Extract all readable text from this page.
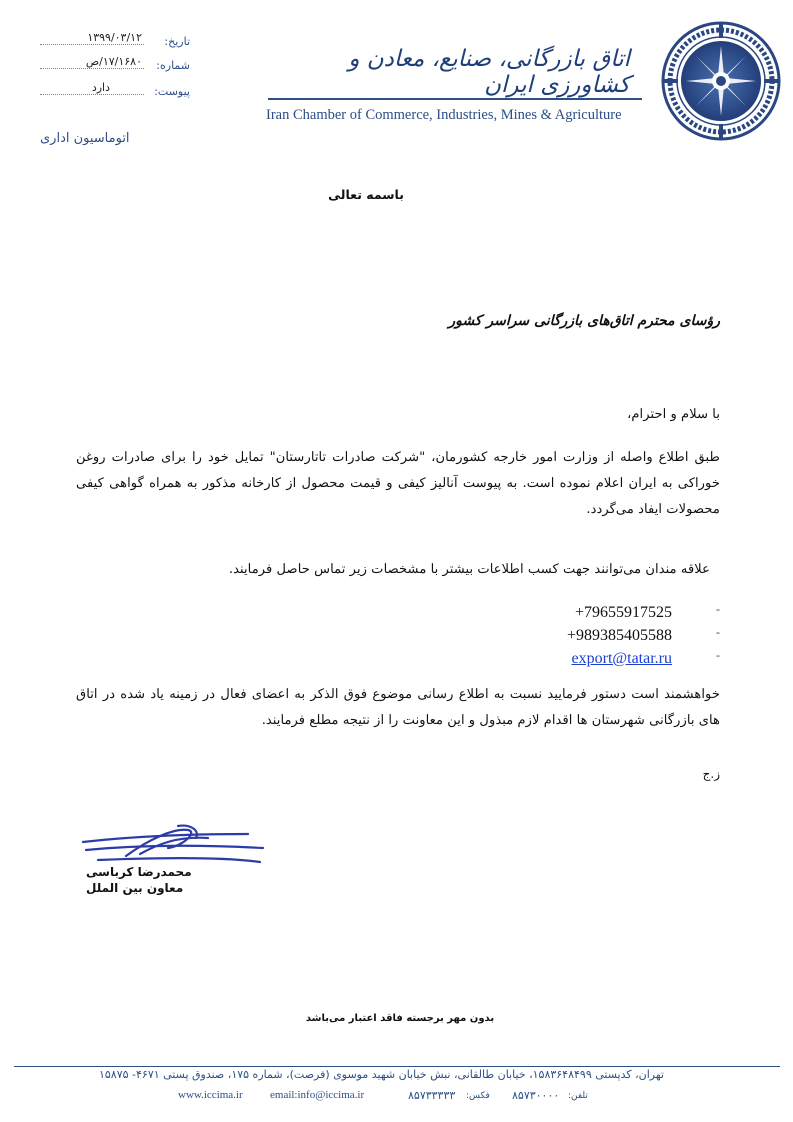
تاریخ:
۱۳۹۹/۰۳/۱۲
شماره:
۱۷/۱۶۸۰/ص
پیوست:
دارد
اتوماسیون اداری
اتاق بازرگانی، صنایع، معادن و کشاورزی ایران
Iran Chamber of Commerce, Industries, Mines & Agriculture
باسمه تعالی
رؤسای محترم اتاق‌های بازرگانی سراسر کشور
با سلام و احترام،
طبق اطلاع واصله از وزارت امور خارجه کشورمان، "شرکت صادرات تاتارستان" تمایل خود را برای صادرات روغن خوراکی به ایران اعلام نموده است. به پیوست آنالیز کیفی و قیمت محصول از کارخانه مذکور به همراه گواهی کیفی محصولات ایفاد می‌گردد.
علاقه مندان می‌توانند جهت کسب اطلاعات بیشتر با مشخصات زیر تماس حاصل فرمایند.
+79655917525	-
+989385405588	-
export@tatar.ru	-
خواهشمند است دستور فرمایید نسبت به اطلاع رسانی موضوع فوق الذکر به اعضای فعال در زمینه یاد شده در اتاق های بازرگانی شهرستان ها اقدام لازم مبذول و این معاونت را از نتیجه مطلع فرمایند.
ز.ج
محمدرضا کرباسی
معاون بین الملل
بدون مهر برجسته فاقد اعتبار می‌باشد
تهران، کدپستی ۱۵۸۳۶۴۸۴۹۹، خیابان طالقانی، نبش خیابان شهید موسوی (فرصت)، شماره ۱۷۵، صندوق پستی ۴۶۷۱- ۱۵۸۷۵
www.iccima.ir email:info@iccima.ir	۸۵۷۳۳۳۳۳ فکس: ۸۵۷۳۰۰۰۰ تلفن:
